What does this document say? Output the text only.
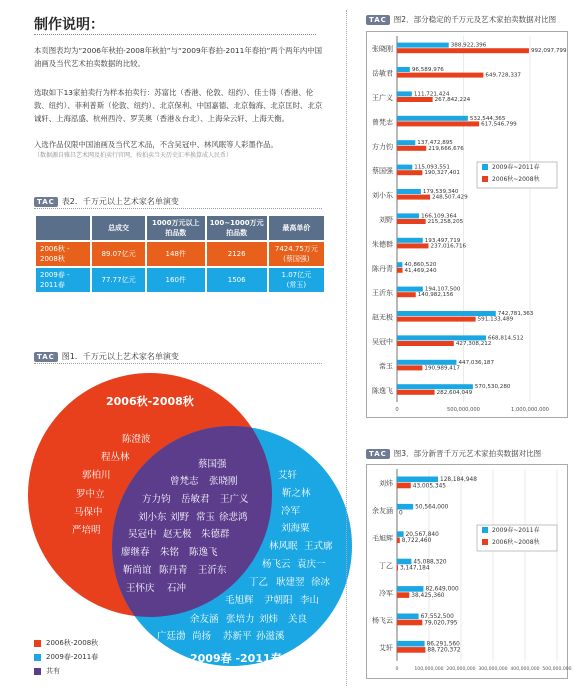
制作说明：
本页图表均为“2006年秋拍-2008年秋拍”与“2009年春拍-2011年春拍”两个两年内中国油画及当代艺术拍卖数据的比较。
选取如下13家拍卖行为样本拍卖行：苏富比（香港、伦敦、纽约）、佳士得（香港、伦敦、纽约）、菲利普斯（伦敦、纽约）、北京保利、中国嘉德、北京翰海、北京匡时、北京诚轩、上海泓盛、杭州西泠、罗芙奥（香港＆台北）、上海朵云轩、上海天衡。
入选作品仅限中国油画及当代艺术品，不含吴冠中、林风眠等人彩墨作品。
（数据源自雅昌艺术网及拍卖行官网，按拍卖当天历史汇率换算成人民币）
TAC 表2．千万元以上艺术家名单演变
	总成交	1000万元以上拍品数	100~1000万元拍品数	最高单价
2006秋 - 2008秋	89.07亿元	148件	2126	7424.75万元
(蔡国强)
2009春 - 2011春	77.77亿元	160件	1506	1.07亿元
(常玉)
TAC 图1．千万元以上艺术家名单演变
2006秋-2008秋
2009春 -2011春
陈澄波
程丛林
郭柏川
罗中立
马保中
严培明
蔡国强
曾梵志 张晓刚
方力钧 岳敏君 王广义
刘小东 刘野 常玉 徐悲鸿
吴冠中 赵无极 朱德群
廖继春 朱铭 陈逸飞
靳尚谊 陈丹青 王沂东
王怀庆 石冲
艾轩
靳之林
冷军
刘海粟
林风眠 王式廓
杨飞云 袁庆一
丁乙 耿建翌 徐冰
毛旭辉 尹朝阳 李山
余友涵 张培力 刘炜 关良
广廷渤 尚扬 苏新平 孙滋溪
2006秋-2008秋
2009春-2011春
共有
TAC 图2．部分稳定的千万元及艺术家拍卖数据对比图
0	500,000,000	1,000,000,000
张晓刚	388,922,396
992,097,799
岳敏君	96,589,976
649,728,337
王广义	111,721,424
267,842,224
曾梵志	532,544,365
617,546,799
方力钧	137,472,895
219,666,676
蔡国强	115,093,551
190,327,401
刘小东	179,539,340
248,507,429
刘野	166,109,364
215,258,205
朱德群	193,497,719
237,016,716
陈丹青 40,860,520
41,469,240
王沂东	194,107,500
140,982,156
赵无极	742,781,363
591,133,489
吴冠中	668,814,512
427,308,212
常玉	447,036,187
190,989,417
陈逸飞	570,530,280
282,604,049
2009春~2011春
2006秋~2008秋
TAC 图3．部分新晋千万元艺术家拍卖数据对比图
0	100,000,000 200,000,000 300,000,000 400,000,000 500,000,000
刘炜	128,184,948
43,005,345
余友涵	50,564,000
0
毛旭辉 20,567,840
8,722,460
丁乙	45,088,320
3,147,184
冷军	82,649,000
38,425,360
杨飞云	67,552,500
79,020,795
艾轩	86,291,560
88,720,372
2009春~2011春
2006秋~2008秋
